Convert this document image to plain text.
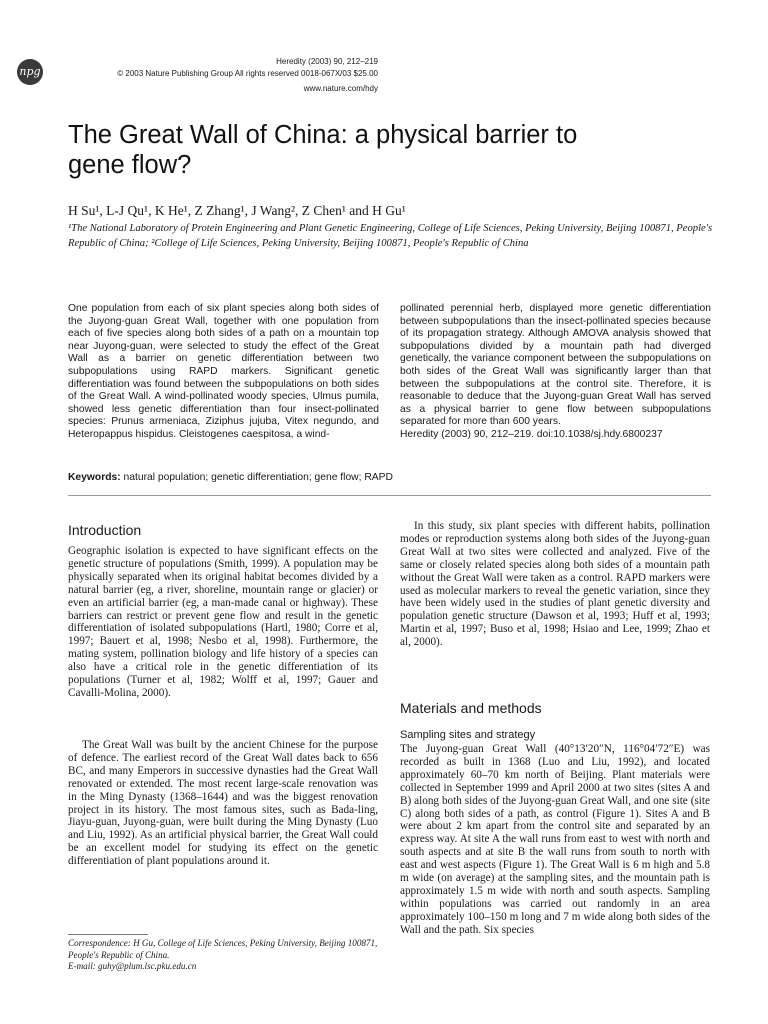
npg
Heredity (2003) 90, 212–219
© 2003 Nature Publishing Group All rights reserved 0018-067X/03 $25.00
www.nature.com/hdy
The Great Wall of China: a physical barrier to
gene flow?
H Su¹, L-J Qu¹, K He¹, Z Zhang¹, J Wang², Z Chen¹ and H Gu¹

¹The National Laboratory of Protein Engineering and Plant Genetic Engineering, College of Life Sciences, Peking University, Beijing 100871, People's Republic of China; ²College of Life Sciences, Peking University, Beijing 100871, People's Republic of China

One population from each of six plant species along both sides of the Juyong-guan Great Wall, together with one population from each of five species along both sides of a path on a mountain top near Juyong-guan, were selected to study the effect of the Great Wall as a barrier on genetic differentiation between two subpopulations using RAPD markers. Significant genetic differentiation was found between the subpopulations on both sides of the Great Wall. A wind-pollinated woody species, Ulmus pumila, showed less genetic differentiation than four insect-pollinated species: Prunus armeniaca, Ziziphus jujuba, Vitex negundo, and Heteropappus hispidus. Cleistogenes caespitosa, a wind-

pollinated perennial herb, displayed more genetic differentiation between subpopulations than the insect-pollinated species because of its propagation strategy. Although AMOVA analysis showed that subpopulations divided by a mountain path had diverged genetically, the variance component between the subpopulations on both sides of the Great Wall was significantly larger than that between the subpopulations at the control site. Therefore, it is reasonable to deduce that the Juyong-guan Great Wall has served as a physical barrier to gene flow between subpopulations separated for more than 600 years.
Heredity (2003) 90, 212–219. doi:10.1038/sj.hdy.6800237
Keywords: natural population; genetic differentiation; gene flow; RAPD
Introduction

Geographic isolation is expected to have significant effects on the genetic structure of populations (Smith, 1999). A population may be physically separated when its original habitat becomes divided by a natural barrier (eg, a river, shoreline, mountain range or glacier) or even an artificial barrier (eg, a man-made canal or highway). These barriers can restrict or prevent gene flow and result in the genetic differentiation of isolated subpopulations (Hartl, 1980; Corre et al, 1997; Bauert et al, 1998; Nesbo et al, 1998). Furthermore, the mating system, pollination biology and life history of a species can also have a critical role in the genetic differentiation of its populations (Turner et al, 1982; Wolff et al, 1997; Gauer and Cavalli-Molina, 2000).

The Great Wall was built by the ancient Chinese for the purpose of defence. The earliest record of the Great Wall dates back to 656 BC, and many Emperors in successive dynasties had the Great Wall renovated or extended. The most recent large-scale renovation was in the Ming Dynasty (1368–1644) and was the biggest renovation project in its history. The most famous sites, such as Bada-ling, Jiayu-guan, Juyong-guan, were built during the Ming Dynasty (Luo and Liu, 1992). As an artificial physical barrier, the Great Wall could be an excellent model for studying its effect on the genetic differentiation of plant populations around it.

In this study, six plant species with different habits, pollination modes or reproduction systems along both sides of the Juyong-guan Great Wall at two sites were collected and analyzed. Five of the same or closely related species along both sides of a mountain path without the Great Wall were taken as a control. RAPD markers were used as molecular markers to reveal the genetic variation, since they have been widely used in the studies of plant genetic diversity and population genetic structure (Dawson et al, 1993; Huff et al, 1993; Martin et al, 1997; Buso et al, 1998; Hsiao and Lee, 1999; Zhao et al, 2000).

Materials and methods
Sampling sites and strategy

The Juyong-guan Great Wall (40°13′20″N, 116°04′72″E) was recorded as built in 1368 (Luo and Liu, 1992), and located approximately 60–70 km north of Beijing. Plant materials were collected in September 1999 and April 2000 at two sites (sites A and B) along both sides of the Juyong-guan Great Wall, and one site (site C) along both sides of a path, as control (Figure 1). Sites A and B were about 2 km apart from the control site and separated by an express way. At site A the wall runs from east to west with north and south aspects and at site B the wall runs from south to north with east and west aspects (Figure 1). The Great Wall is 6 m high and 5.8 m wide (on average) at the sampling sites, and the mountain path is approximately 1.5 m wide with north and south aspects. Sampling within populations was carried out randomly in an area approximately 100–150 m long and 7 m wide along both sides of the Wall and the path. Six species

Correspondence: H Gu, College of Life Sciences, Peking University, Beijing 100871, People's Republic of China.
E-mail: guhy@plum.lsc.pku.edu.cn
